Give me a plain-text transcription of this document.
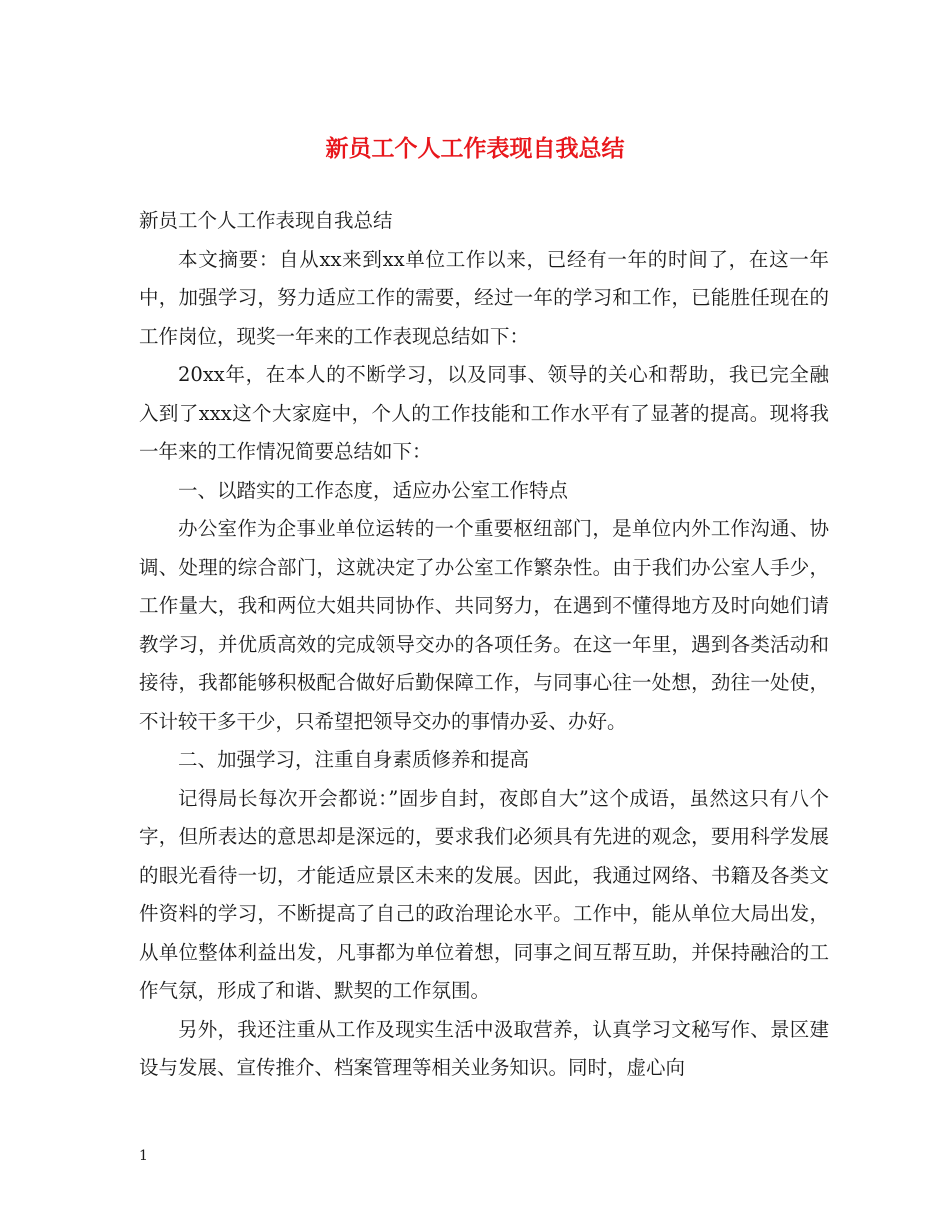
新员工个人工作表现自我总结

新员工个人工作表现自我总结

本文摘要：自从xx来到xx单位工作以来，已经有一年的时间了，在这一年中，加强学习，努力适应工作的需要，经过一年的学习和工作，已能胜任现在的工作岗位，现奖一年来的工作表现总结如下：

20xx年，在本人的不断学习，以及同事、领导的关心和帮助，我已完全融入到了xxx这个大家庭中，个人的工作技能和工作水平有了显著的提高。现将我一年来的工作情况简要总结如下：

一、以踏实的工作态度，适应办公室工作特点

办公室作为企事业单位运转的一个重要枢纽部门，是单位内外工作沟通、协调、处理的综合部门，这就决定了办公室工作繁杂性。由于我们办公室人手少，工作量大，我和两位大姐共同协作、共同努力，在遇到不懂得地方及时向她们请教学习，并优质高效的完成领导交办的各项任务。在这一年里，遇到各类活动和接待，我都能够积极配合做好后勤保障工作，与同事心往一处想，劲往一处使，不计较干多干少，只希望把领导交办的事情办妥、办好。

二、加强学习，注重自身素质修养和提高

记得局长每次开会都说：”固步自封，夜郎自大”这个成语，虽然这只有八个字，但所表达的意思却是深远的，要求我们必须具有先进的观念，要用科学发展的眼光看待一切，才能适应景区未来的发展。因此，我通过网络、书籍及各类文件资料的学习，不断提高了自己的政治理论水平。工作中，能从单位大局出发，从单位整体利益出发，凡事都为单位着想，同事之间互帮互助，并保持融洽的工作气氛，形成了和谐、默契的工作氛围。

另外，我还注重从工作及现实生活中汲取营养，认真学习文秘写作、景区建设与发展、宣传推介、档案管理等相关业务知识。同时，虚心向

1
